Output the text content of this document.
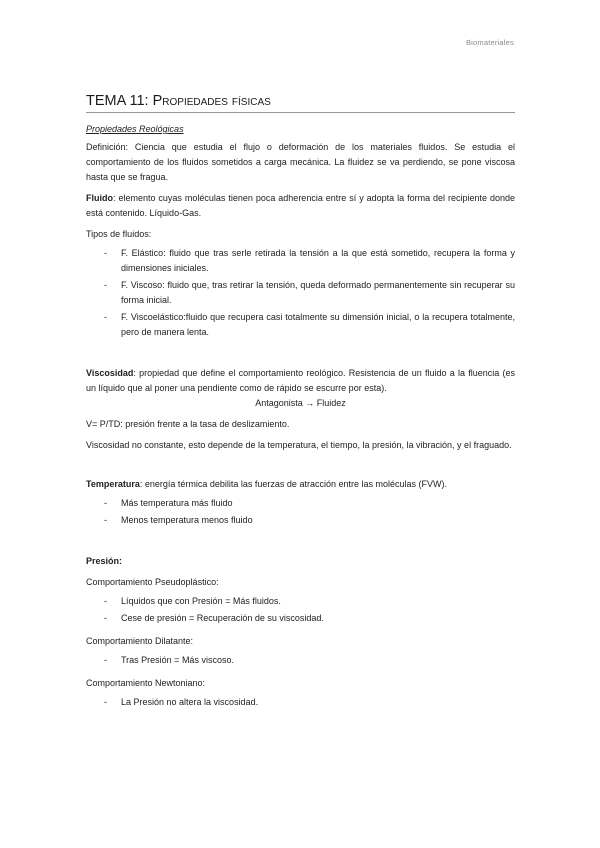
Biomateriales
TEMA 11: Propiedades físicas

Propiedades Reológicas

Definición: Ciencia que estudia el flujo o deformación de los materiales fluidos. Se estudia el comportamiento de los fluidos sometidos a carga mecánica. La fluidez se va perdiendo, se pone viscosa hasta que se fragua.

Fluido: elemento cuyas moléculas tienen poca adherencia entre sí y adopta la forma del recipiente donde está contenido. Líquido-Gas.

Tipos de fluidos:

- F. Elástico: fluido que tras serle retirada la tensión a la que está sometido, recupera la forma y dimensiones iniciales.
- F. Viscoso: fluido que, tras retirar la tensión, queda deformado permanentemente sin recuperar su forma inicial.
- F. Viscoelástico:fluido que recupera casi totalmente su dimensión inicial, o la recupera totalmente, pero de manera lenta.

Viscosidad: propiedad que define el comportamiento reológico. Resistencia de un fluido a la fluencia (es un líquido que al poner una pendiente como de rápido se escurre por esta).

Antagonista → Fluidez

V= P/TD: presión frente a la tasa de deslizamiento.

Viscosidad no constante, esto depende de la temperatura, el tiempo, la presión, la vibración, y el fraguado.

Temperatura: energía térmica debilita las fuerzas de atracción entre las moléculas (FVW).

- Más temperatura más fluido
- Menos temperatura menos fluido

Presión:

Comportamiento Pseudoplástico:

- Líquidos que con Presión = Más fluidos.
- Cese de presión = Recuperación de su viscosidad.

Comportamiento Dilatante:

- Tras Presión = Más viscoso.

Comportamiento Newtoniano:

- La Presión no altera la viscosidad.
